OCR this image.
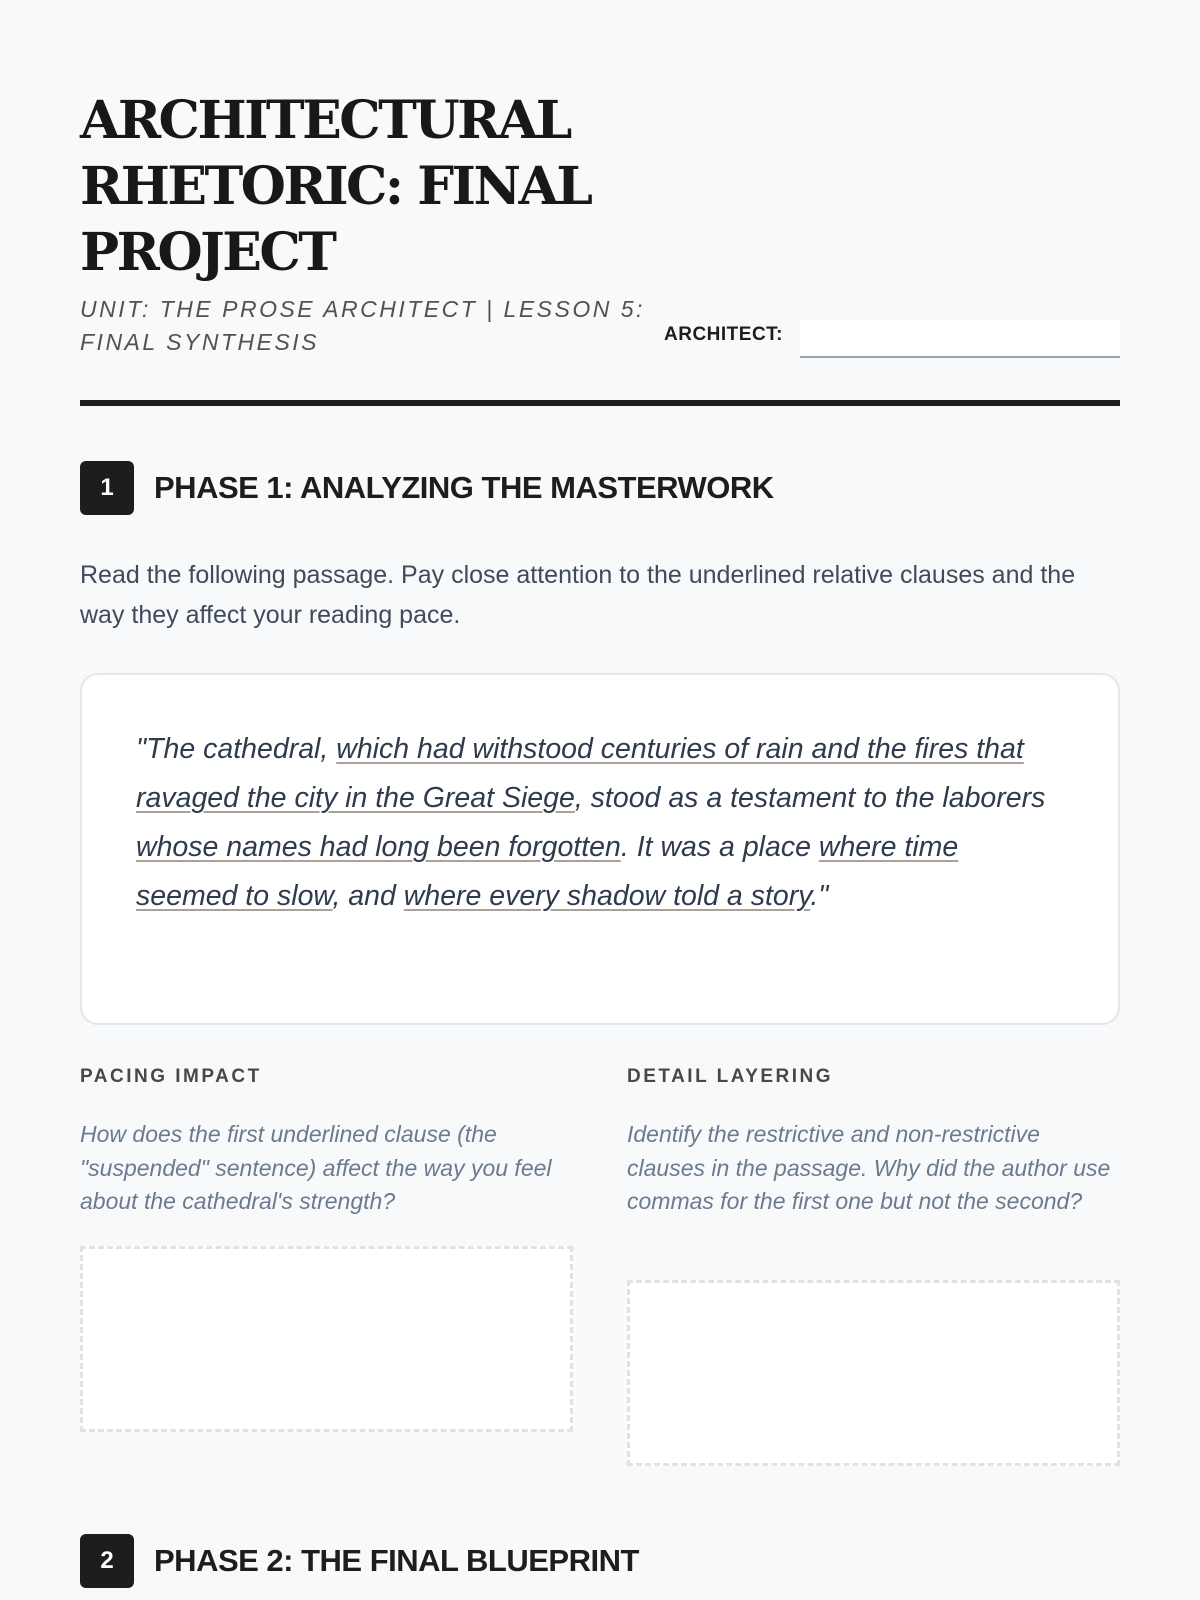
ARCHITECTURAL RHETORIC: FINAL PROJECT

UNIT: THE PROSE ARCHITECT | LESSON 5: FINAL SYNTHESIS	ARCHITECT:
1	PHASE 1: ANALYZING THE MASTERWORK

Read the following passage. Pay close attention to the underlined relative clauses and the way they affect your reading pace.

"The cathedral, which had withstood centuries of rain and the fires that ravaged the city in the Great Siege, stood as a testament to the laborers whose names had long been forgotten. It was a place where time seemed to slow, and where every shadow told a story."

PACING IMPACT

How does the first underlined clause (the "suspended" sentence) affect the way you feel about the cathedral's strength?

DETAIL LAYERING

Identify the restrictive and non-restrictive clauses in the passage. Why did the author use commas for the first one but not the second?

2	PHASE 2: THE FINAL BLUEPRINT
